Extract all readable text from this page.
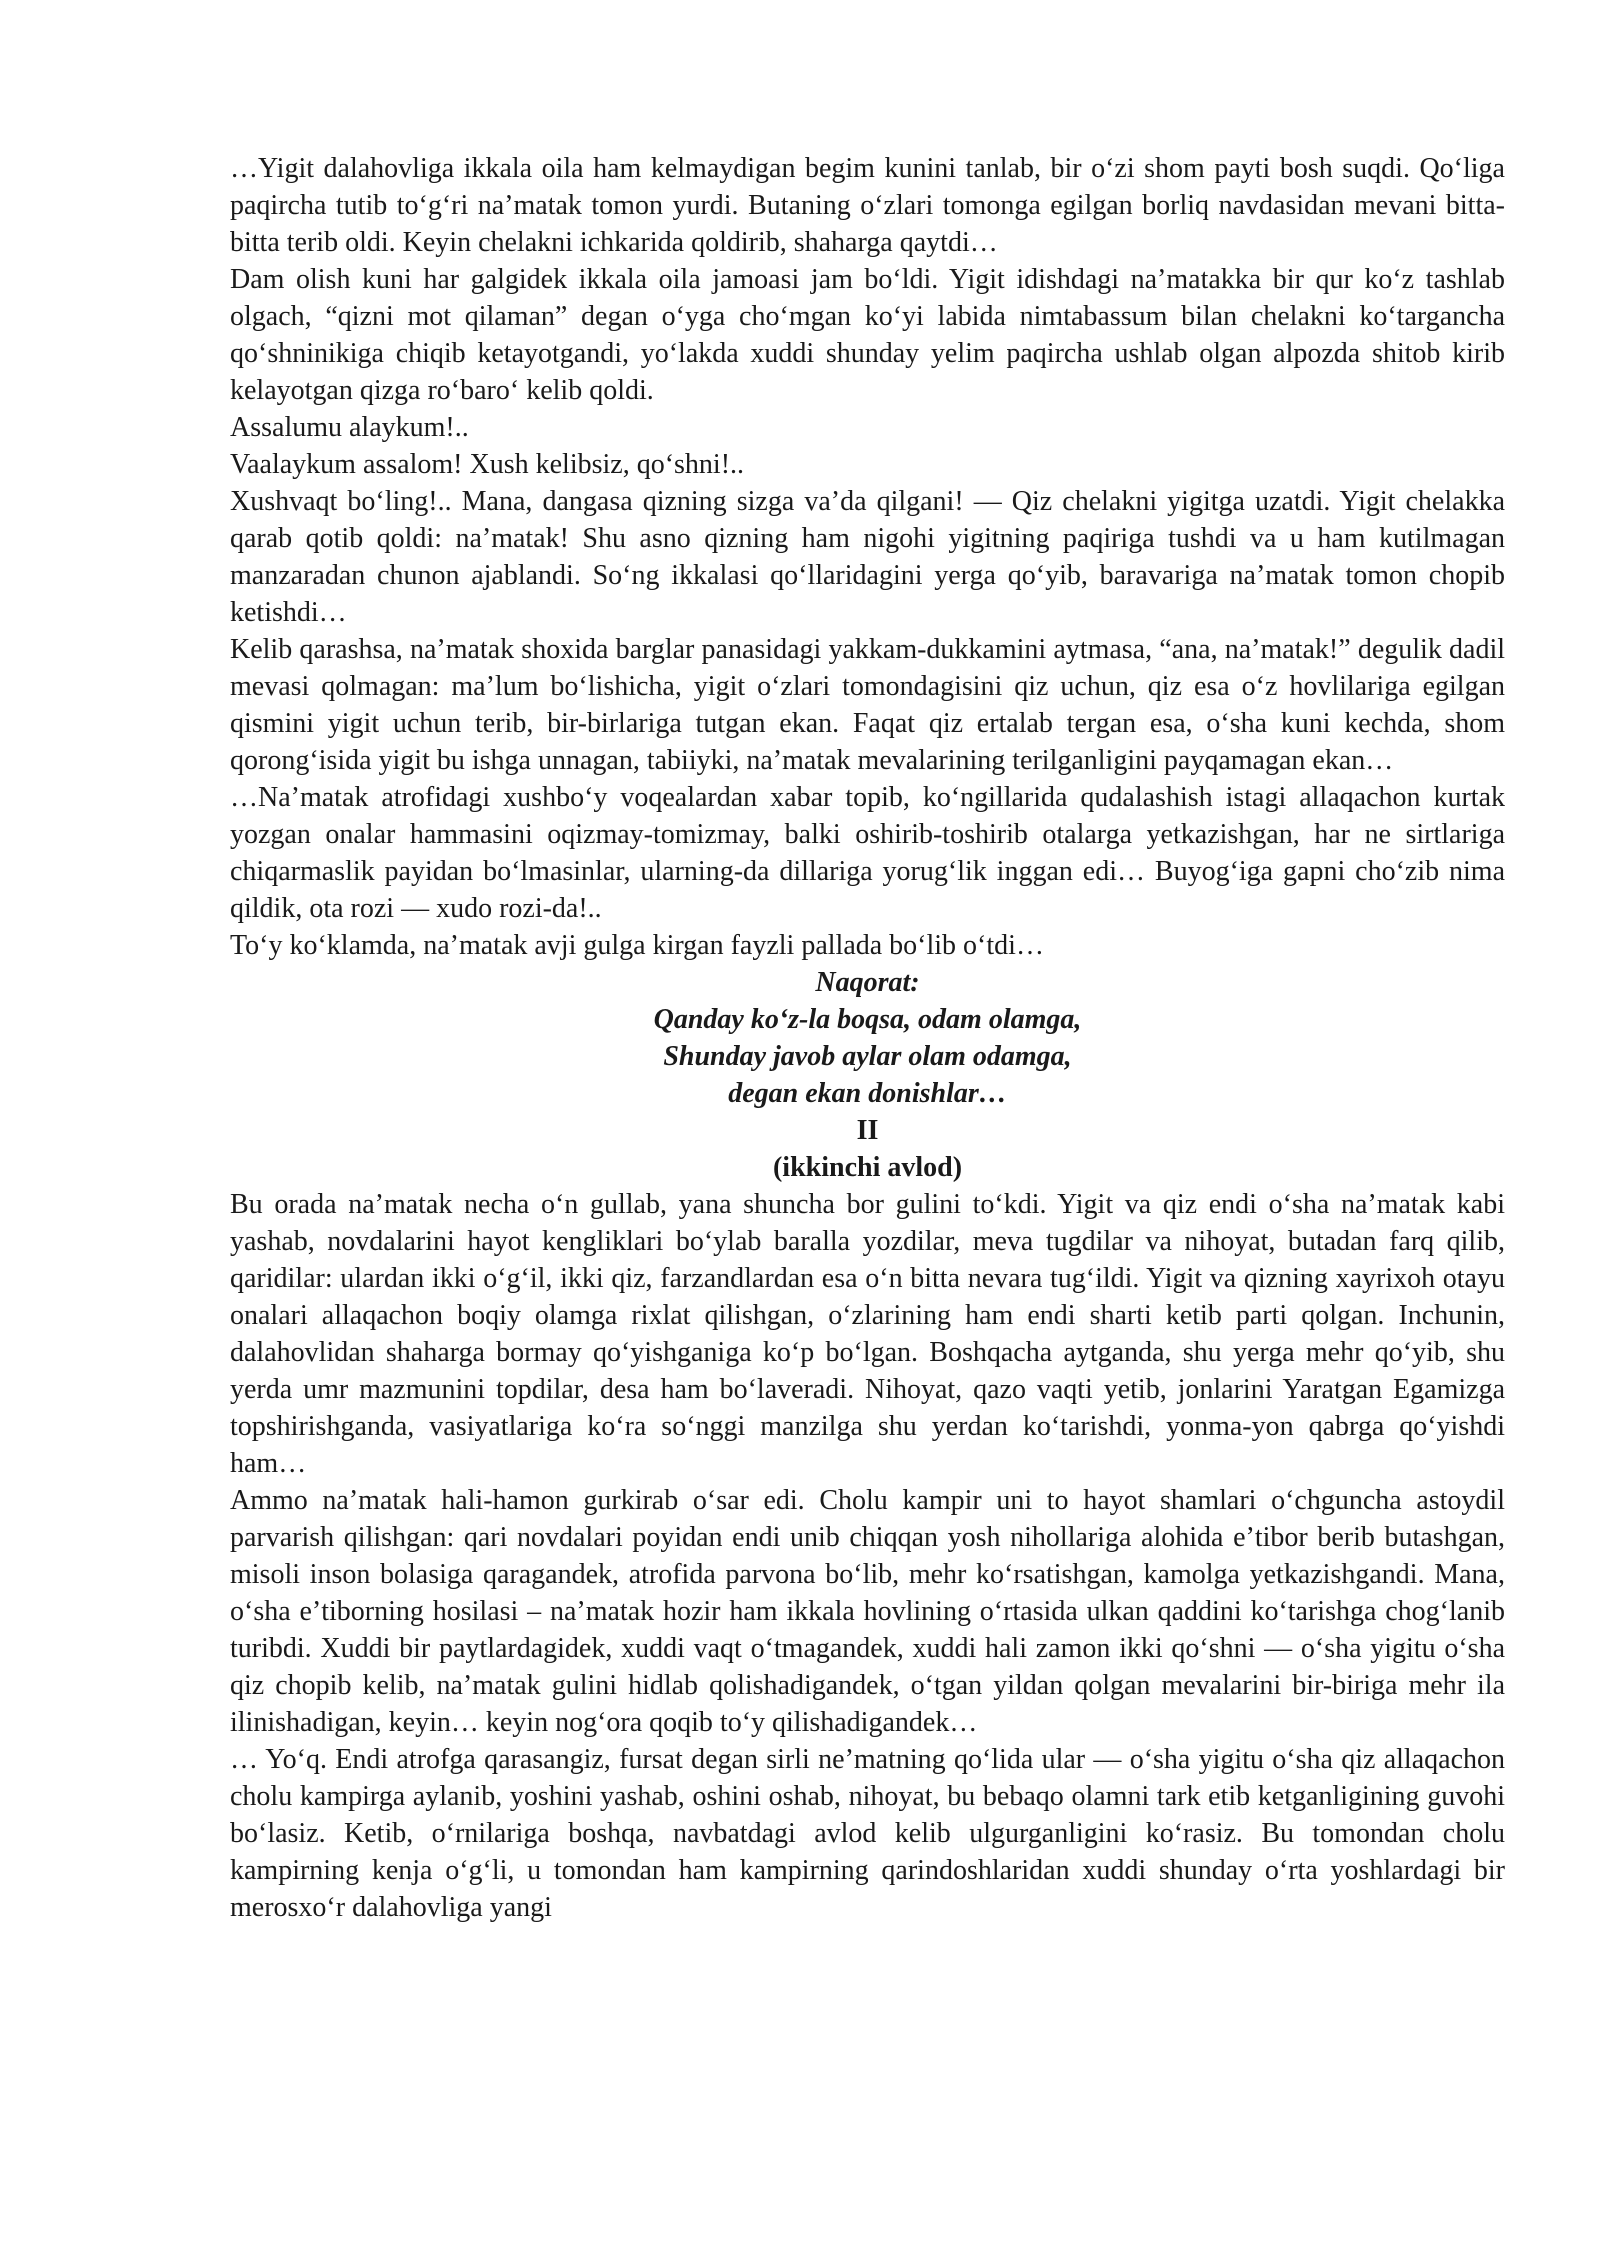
…Yigit dalahovliga ikkala oila ham kelmaydigan begim kunini tanlab, bir oʻzi shom payti bosh suqdi. Qoʻliga paqircha tutib toʻgʻri naʼmatak tomon yurdi. Butaning oʻzlari tomonga egilgan borliq navdasidan mevani bitta-bitta terib oldi. Keyin chelakni ichkarida qoldirib, shaharga qaytdi…

Dam olish kuni har galgidek ikkala oila jamoasi jam boʻldi. Yigit idishdagi naʼmatakka bir qur koʻz tashlab olgach, “qizni mot qilaman” degan oʻyga choʻmgan koʻyi labida nimtabassum bilan chelakni koʻtargancha qoʻshninikiga chiqib ketayotgandi, yoʻlakda xuddi shunday yelim paqircha ushlab olgan alpozda shitob kirib kelayotgan qizga roʻbaroʻ kelib qoldi.

Assalumu alaykum!..

Vaalaykum assalom! Xush kelibsiz, qoʻshni!..

Xushvaqt boʻling!.. Mana, dangasa qizning sizga vaʼda qilgani! — Qiz chelakni yigitga uzatdi. Yigit chelakka qarab qotib qoldi: naʼmatak! Shu asno qizning ham nigohi yigitning paqiriga tushdi va u ham kutilmagan manzaradan chunon ajablandi. Soʻng ikkalasi qoʻllaridagini yerga qoʻyib, baravariga naʼmatak tomon chopib ketishdi…

Kelib qarashsa, naʼmatak shoxida barglar panasidagi yakkam-dukkamini aytmasa, “ana, naʼmatak!” degulik dadil mevasi qolmagan: maʼlum boʻlishicha, yigit oʻzlari tomondagisini qiz uchun, qiz esa oʻz hovlilariga egilgan qismini yigit uchun terib, bir-birlariga tutgan ekan. Faqat qiz ertalab tergan esa, oʻsha kuni kechda, shom qorongʻisida yigit bu ishga unnagan, tabiiyki, naʼmatak mevalarining terilganligini payqamagan ekan…

…Naʼmatak atrofidagi xushboʻy voqealardan xabar topib, koʻngillarida qudalashish istagi allaqachon kurtak yozgan onalar hammasini oqizmay-tomizmay, balki oshirib-toshirib otalarga yetkazishgan, har ne sirtlariga chiqarmaslik payidan boʻlmasinlar, ularning-da dillariga yorugʻlik inggan edi… Buyogʻiga gapni choʻzib nima qildik, ota rozi — xudo rozi-da!..

Toʻy koʻklamda, naʼmatak avji gulga kirgan fayzli pallada boʻlib oʻtdi…

Naqorat:

Qanday koʻz-la boqsa, odam olamga,

Shunday javob aylar olam odamga,

degan ekan donishlar…

II

(ikkinchi avlod)

Bu orada naʼmatak necha oʻn gullab, yana shuncha bor gulini toʻkdi. Yigit va qiz endi oʻsha naʼmatak kabi yashab, novdalarini hayot kengliklari boʻylab baralla yozdilar, meva tugdilar va nihoyat, butadan farq qilib, qaridilar: ulardan ikki oʻgʻil, ikki qiz, farzandlardan esa oʻn bitta nevara tugʻildi. Yigit va qizning xayrixoh otayu onalari allaqachon boqiy olamga rixlat qilishgan, oʻzlarining ham endi sharti ketib parti qolgan. Inchunin, dalahovlidan shaharga bormay qoʻyishganiga koʻp boʻlgan. Boshqacha aytganda, shu yerga mehr qoʻyib, shu yerda umr mazmunini topdilar, desa ham boʻlaveradi. Nihoyat, qazo vaqti yetib, jonlarini Yaratgan Egamizga topshirishganda, vasiyatlariga koʻra soʻnggi manzilga shu yerdan koʻtarishdi, yonma-yon qabrga qoʻyishdi ham…

Ammo naʼmatak hali-hamon gurkirab oʻsar edi. Cholu kampir uni to hayot shamlari oʻchguncha astoydil parvarish qilishgan: qari novdalari poyidan endi unib chiqqan yosh nihollariga alohida eʼtibor berib butashgan, misoli inson bolasiga qaragandek, atrofida parvona boʻlib, mehr koʻrsatishgan, kamolga yetkazishgandi. Mana, oʻsha eʼtiborning hosilasi – naʼmatak hozir ham ikkala hovlining oʻrtasida ulkan qaddini koʻtarishga chogʻlanib turibdi. Xuddi bir paytlardagidek, xuddi vaqt oʻtmagandek, xuddi hali zamon ikki qoʻshni — oʻsha yigitu oʻsha qiz chopib kelib, naʼmatak gulini hidlab qolishadigandek, oʻtgan yildan qolgan mevalarini bir-biriga mehr ila ilinishadigan, keyin… keyin nogʻora qoqib toʻy qilishadigandek…

… Yoʻq. Endi atrofga qarasangiz, fursat degan sirli neʼmatning qoʻlida ular — oʻsha yigitu oʻsha qiz allaqachon cholu kampirga aylanib, yoshini yashab, oshini oshab, nihoyat, bu bebaqo olamni tark etib ketganligining guvohi boʻlasiz. Ketib, oʻrnilariga boshqa, navbatdagi avlod kelib ulgurganligini koʻrasiz. Bu tomondan cholu kampirning kenja oʻgʻli, u tomondan ham kampirning qarindoshlaridan xuddi shunday oʻrta yoshlardagi bir merosxoʻr dalahovliga yangi
